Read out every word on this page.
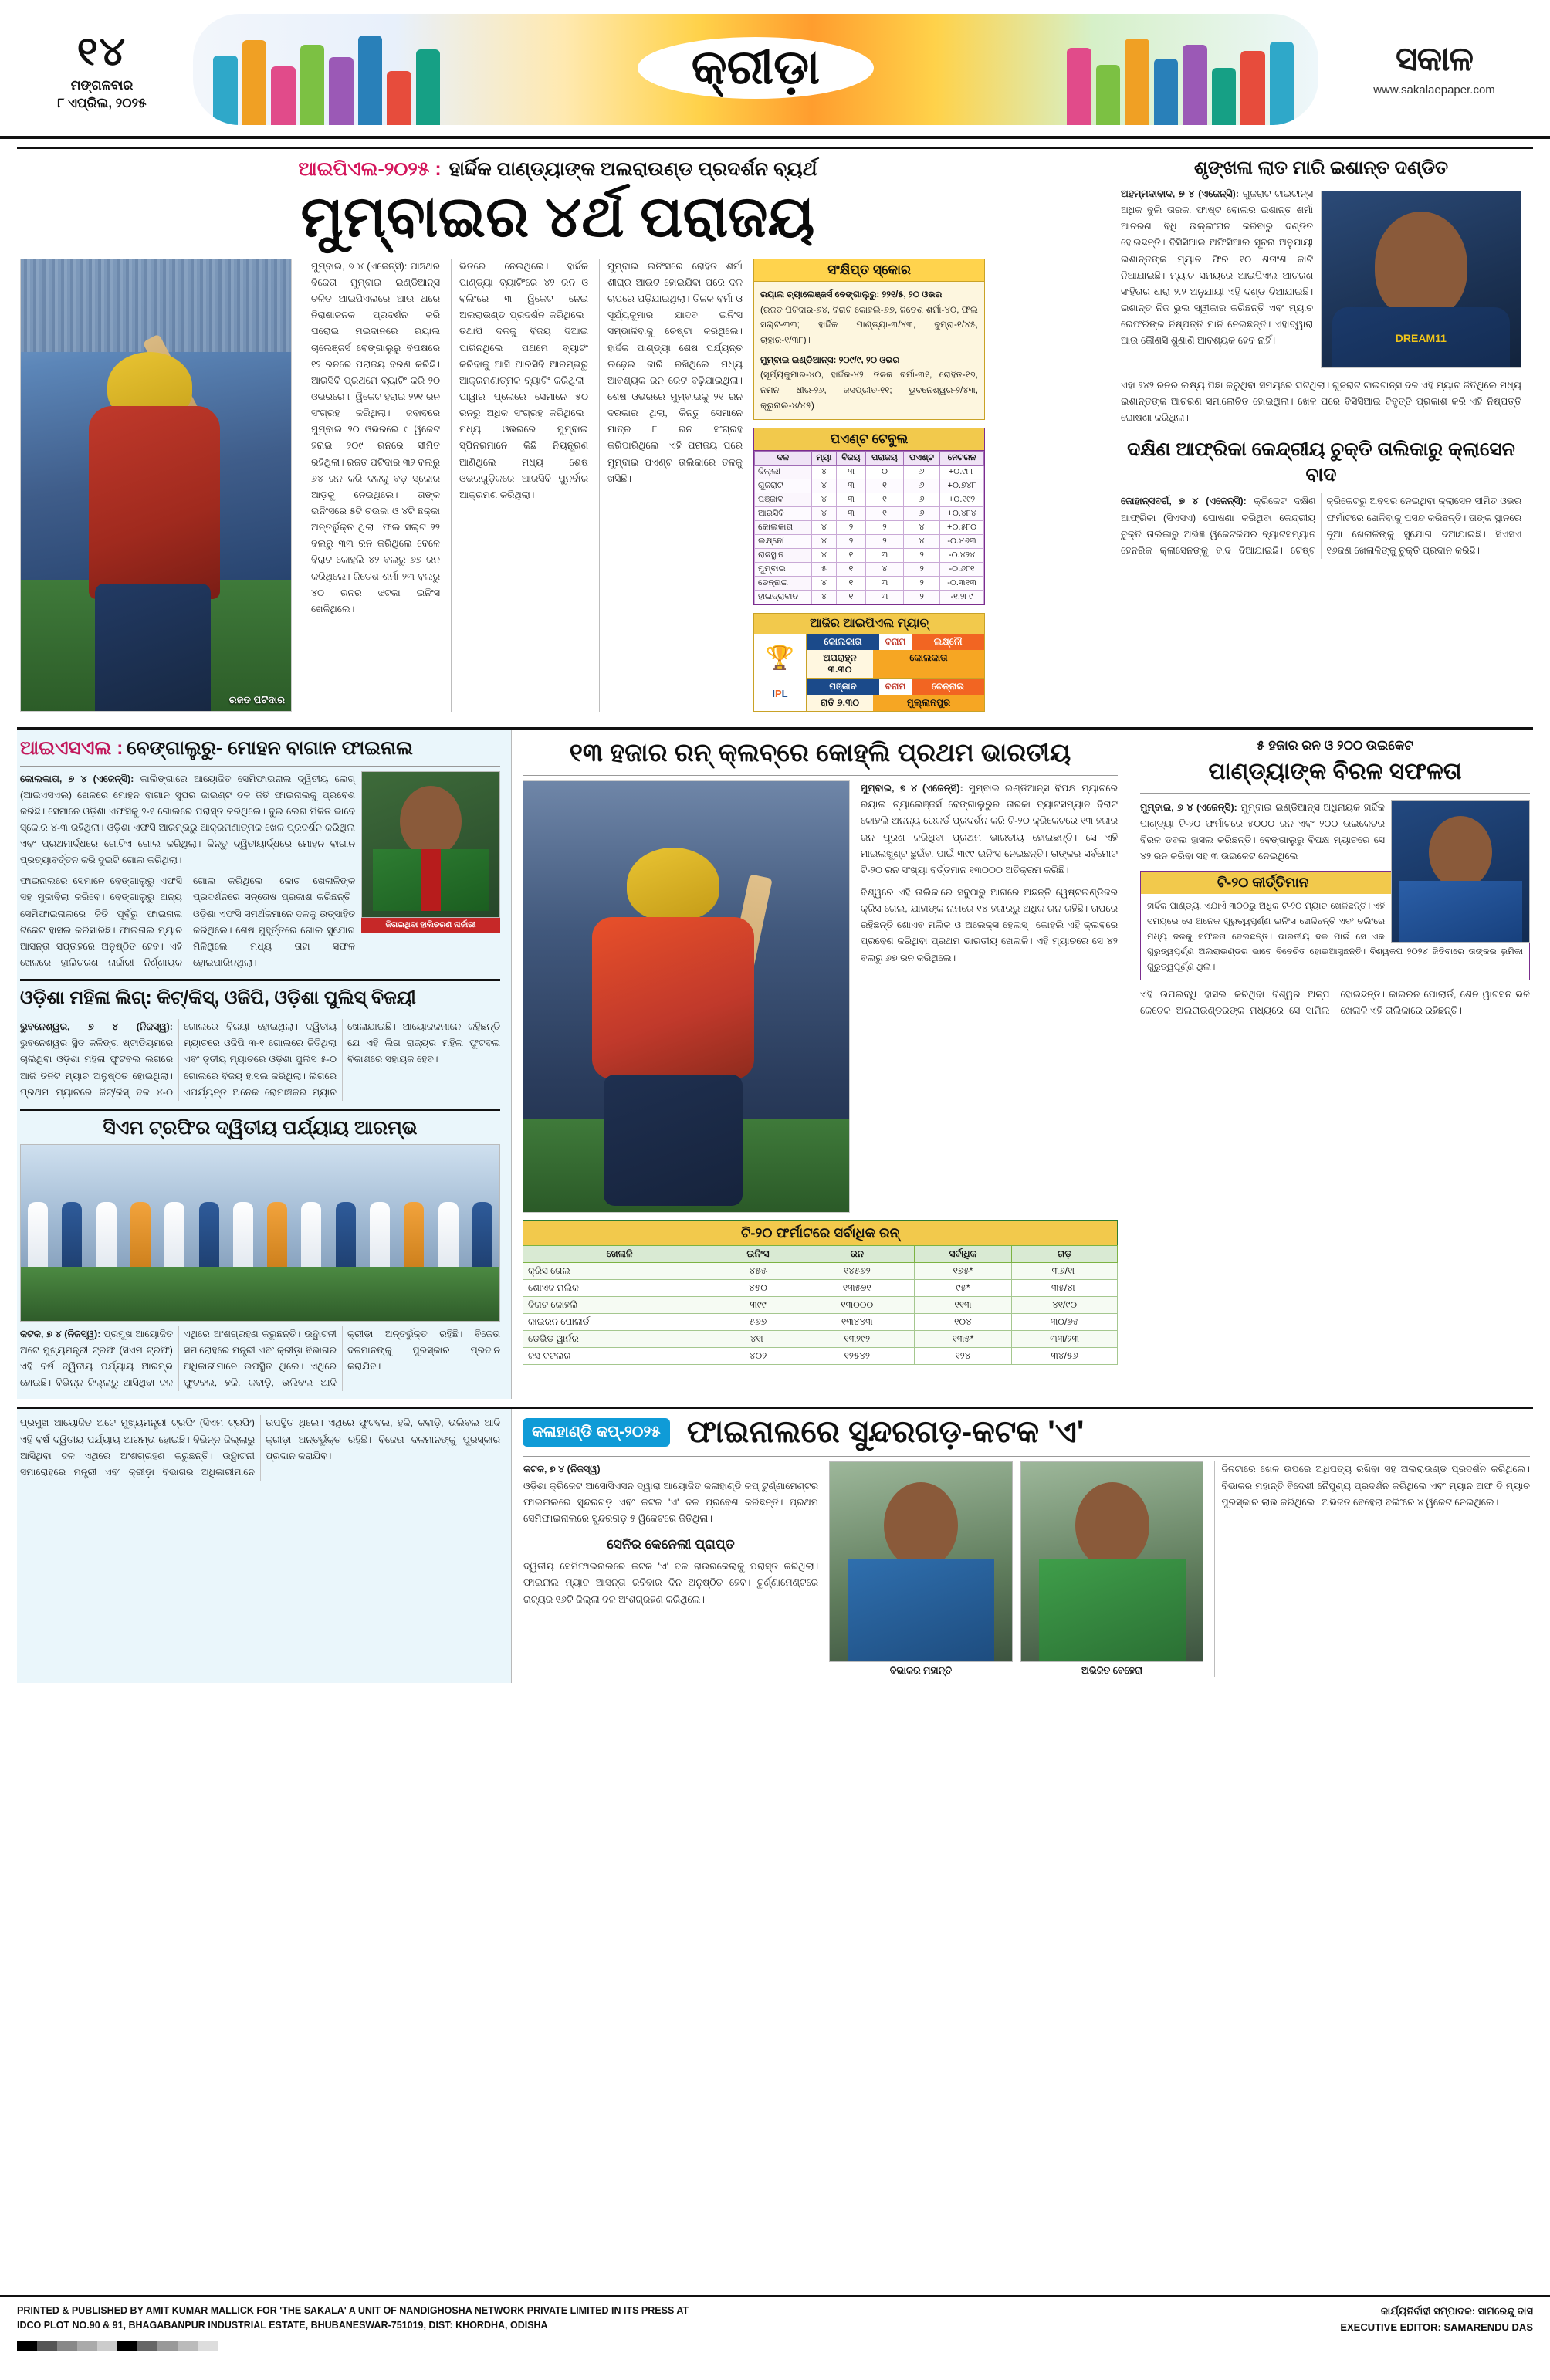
୧୪
ମଙ୍ଗଳବାର
୮ ଏପ୍ରିଲ, ୨୦୨୫
କ୍ରୀଡ଼ା	ସକାଳ
www.sakalaepaper.com
ଆଇପିଏଲ-୨୦୨୫ : ହାର୍ଦ୍ଦିକ ପାଣ୍ଡ୍ୟାଙ୍କ ଅଲରାଉଣ୍ଡ ପ୍ରଦର୍ଶନ ବ୍ୟର୍ଥ
ମୁମ୍ବାଇର ୪ର୍ଥ ପରାଜୟ
ରଜତ ପଟିଦାର
ମୁମ୍ବାଇ, ୭ ୪ (ଏଜେନ୍ସି): ପାଞ୍ଚଥର ବିଜେତା ମୁମ୍ବାଇ ଇଣ୍ଡିଆନ୍ସ ଚଳିତ ଆଇପିଏଲରେ ଆଉ ଥରେ ନିରାଶାଜନକ ପ୍ରଦର୍ଶନ କରି ଘରୋଇ ମଇଦାନରେ ରୟାଲ ଚାଲେଞ୍ଜର୍ସ ବେଙ୍ଗାଲୁରୁ ବିପକ୍ଷରେ ୧୨ ରନରେ ପରାଜୟ ବରଣ କରିଛି। ଆରସିବି ପ୍ରଥମେ ବ୍ୟାଟିଂ କରି ୨୦ ଓଭରରେ ୮ ୱିକେଟ ହରାଇ ୨୨୧ ରନ ସଂଗ୍ରହ କରିଥିଲା। ଜବାବରେ ମୁମ୍ବାଇ ୨୦ ଓଭରରେ ୯ ୱିକେଟ ହରାଇ ୨୦୯ ରନରେ ସୀମିତ ରହିଥିଲା। ରଜତ ପଟିଦାର ୩୨ ବଲରୁ ୬୪ ରନ କରି ଦଳକୁ ବଡ଼ ସ୍କୋର ଆଡ଼କୁ ନେଇଥିଲେ। ତାଙ୍କ ଇନିଂସରେ ୫ଟି ଚଉକା ଓ ୪ଟି ଛକ୍କା ଅନ୍ତର୍ଭୁକ୍ତ ଥିଲା। ଫିଲ ସଲ୍ଟ ୨୨ ବଲରୁ ୩୩ ରନ କରିଥିଲେ ବେଳେ ବିରାଟ କୋହଲି ୪୨ ବଲରୁ ୬୭ ରନ କରିଥିଲେ। ଜିତେଶ ଶର୍ମା ୨୩ ବଲରୁ ୪୦ ରନର ଝଟକା ଇନିଂସ ଖେଳିଥିଲେ।
ଭିତରେ ନେଇଥିଲେ। ହାର୍ଦ୍ଦିକ ପାଣ୍ଡ୍ୟା ବ୍ୟାଟିଂରେ ୪୨ ରନ ଓ ବଲିଂରେ ୩ ୱିକେଟ ନେଇ ଅଲରାଉଣ୍ଡ ପ୍ରଦର୍ଶନ କରିଥିଲେ। ତଥାପି ଦଳକୁ ବିଜୟ ଦିଆଇ ପାରିନଥିଲେ। ପଥମେ ବ୍ୟାଟିଂ କରିବାକୁ ଆସି ଆରସିବି ଆରମ୍ଭରୁ ଆକ୍ରମଣାତ୍ମକ ବ୍ୟାଟିଂ କରିଥିଲା। ପାୱାର ପ୍ଲେରେ ସେମାନେ ୫୦ ରନରୁ ଅଧିକ ସଂଗ୍ରହ କରିଥିଲେ। ମଧ୍ୟ ଓଭରରେ ମୁମ୍ବାଇ ସ୍ପିନରମାନେ କିଛି ନିୟନ୍ତ୍ରଣ ଆଣିଥିଲେ ମଧ୍ୟ ଶେଷ ଓଭରଗୁଡ଼ିକରେ ଆରସିବି ପୁନର୍ବାର ଆକ୍ରମଣ କରିଥିଲା।
ମୁମ୍ବାଇ ଇନିଂସରେ ରୋହିତ ଶର୍ମା ଶୀଘ୍ର ଆଉଟ ହୋଇଯିବା ପରେ ଦଳ ଚାପରେ ପଡ଼ିଯାଇଥିଲା। ତିଳକ ବର୍ମା ଓ ସୂର୍ଯ୍ୟକୁମାର ଯାଦବ ଇନିଂସ ସମ୍ଭାଳିବାକୁ ଚେଷ୍ଟା କରିଥିଲେ। ହାର୍ଦ୍ଦିକ ପାଣ୍ଡ୍ୟା ଶେଷ ପର୍ଯ୍ୟନ୍ତ ଲଢ଼େଇ ଜାରି ରଖିଥିଲେ ମଧ୍ୟ ଆବଶ୍ୟକ ରନ ରେଟ ବଢ଼ିଯାଇଥିଲା। ଶେଷ ଓଭରରେ ମୁମ୍ବାଇକୁ ୨୧ ରନ ଦରକାର ଥିଲା, କିନ୍ତୁ ସେମାନେ ମାତ୍ର ୮ ରନ ସଂଗ୍ରହ କରିପାରିଥିଲେ। ଏହି ପରାଜୟ ପରେ ମୁମ୍ବାଇ ପଏଣ୍ଟ ତାଲିକାରେ ତଳକୁ ଖସିଛି।
ସଂକ୍ଷିପ୍ତ ସ୍କୋର
ରୟାଲ ଚ୍ୟାଲେଞ୍ଜର୍ସ ବେଙ୍ଗାଲୁରୁ: ୨୨୧/୫, ୨୦ ଓଭର
(ରଜତ ପଟିଦାର-୬୪, ବିରାଟ କୋହଲି-୬୭, ଜିତେଶ ଶର୍ମା-୪୦, ଫିଲ ସଲ୍ଟ-୩୩; ହାର୍ଦ୍ଦିକ ପାଣ୍ଡ୍ୟା-୩/୪୩, ବୁମ୍ରା-୧/୪୫, ଚାହାର-୧/୩୮)।
ମୁମ୍ବାଇ ଇଣ୍ଡିଆନ୍ସ: ୨୦୯/୯, ୨୦ ଓଭର
(ସୂର୍ଯ୍ୟକୁମାର-୪୦, ହାର୍ଦ୍ଦିକ-୪୨, ତିଳକ ବର୍ମା-୩୧, ରୋହିତ-୧୭, ନମନ ଧୀର-୨୬, ଜସପ୍ରୀତ-୧୧; ଭୁବନେଶ୍ୱର-୨/୪୩, କ୍ରୁନାଲ-୪/୪୫)।
ପଏଣ୍ଟ ଟେବୁଲ
ଦଳ	ମ୍ୟା	ବିଜୟ	ପରାଜୟ	ପଏଣ୍ଟ	ନେଟରନ
ଦିଲ୍ଲୀ	୪	୩	୦	୬	+୦.୯୮୮
ଗୁଜରାଟ	୪	୩	୧	୬	+୦.୭୪୮
ପଞ୍ଜାବ	୪	୩	୧	୬	+୦.୧୯୨
ଆରସିବି	୪	୩	୧	୬	+୦.୪୮୪
କୋଲକାତା	୪	୨	୨	୪	+୦.୫୮୦
ଲକ୍ଷ୍ନୌ	୪	୨	୨	୪	-୦.୪୬୩
ରାଜସ୍ଥାନ	୪	୧	୩	୨	-୦.୪୨୪
ମୁମ୍ବାଇ	୫	୧	୪	୨	-୦.୬୮୧
ଚେନ୍ନାଇ	୪	୧	୩	୨	-୦.୩୧୩
ହାଇଦ୍ରାବାଦ	୪	୧	୩	୨	-୧.୨୮୯
ଆଜିର ଆଇପିଏଲ ମ୍ୟାଚ୍
🏆
IPL
କୋଲକାତା	ବନାମ	ଲକ୍ଷ୍ନୌ
ଅପରାହ୍ନ ୩.୩୦
କୋଲକାତା
ପଞ୍ଜାବ	ବନାମ	ଚେନ୍ନାଇ
ରାତି ୭.୩୦	ମୁଲ୍ଲାନପୁର
ଶୃଙ୍ଖଳା ଲାତ ମାରି ଇଶାନ୍ତ ଦଣ୍ଡିତ
ଅହମ୍ମଦାବାଦ, ୭ ୪ (ଏଜେନ୍ସି): ଗୁଜରାଟ ଟାଇଟାନ୍ସ ଅଧିକ ବୁଲି ତାରକା ଫାଷ୍ଟ ବୋଲର ଇଶାନ୍ତ ଶର୍ମା ଆଚରଣ ବିଧି ଉଲ୍ଲଂଘନ କରିବାରୁ ଦଣ୍ଡିତ ହୋଇଛନ୍ତି। ବିସିସିଆଇ ଅଫିସିଆଲ ସୂଚନା ଅନୁଯାୟୀ ଇଶାନ୍ତଙ୍କ ମ୍ୟାଚ ଫିର ୧୦ ଶତାଂଶ କାଟି ନିଆଯାଇଛି। ମ୍ୟାଚ ସମୟରେ ଆଇପିଏଲ ଆଚରଣ ସଂହିତାର ଧାରା ୨.୨ ଅନୁଯାୟୀ ଏହି ଦଣ୍ଡ ଦିଆଯାଇଛି। ଇଶାନ୍ତ ନିଜ ଭୁଲ ସ୍ୱୀକାର କରିଛନ୍ତି ଏବଂ ମ୍ୟାଚ ରେଫରିଙ୍କ ନିଷ୍ପତ୍ତି ମାନି ନେଇଛନ୍ତି। ଏହାଦ୍ୱାରା ଆଉ କୌଣସି ଶୁଣାଣି ଆବଶ୍ୟକ ହେବ ନାହିଁ।	DREAM11
ଏହା ୨୪୨ ରନର ଲକ୍ଷ୍ୟ ପିଛା କରୁଥିବା ସମୟରେ ଘଟିଥିଲା। ଗୁଜରାଟ ଟାଇଟାନ୍ସ ଦଳ ଏହି ମ୍ୟାଚ ଜିତିଥିଲେ ମଧ୍ୟ ଇଶାନ୍ତଙ୍କ ଆଚରଣ ସମାଲୋଚିତ ହୋଇଥିଲା। ଖେଳ ପରେ ବିସିସିଆଇ ବିବୃତ୍ତି ପ୍ରକାଶ କରି ଏହି ନିଷ୍ପତ୍ତି ଘୋଷଣା କରିଥିଲା।
ଦକ୍ଷିଣ ଆଫ୍ରିକା କେନ୍ଦ୍ରୀୟ ଚୁକ୍ତି ତାଲିକାରୁ କ୍ଲାସେନ ବାଦ
ଜୋହାନ୍ସବର୍ଗ, ୭ ୪ (ଏଜେନ୍ସି): କ୍ରିକେଟ ଦକ୍ଷିଣ ଆଫ୍ରିକା (ସିଏସଏ) ଘୋଷଣା କରିଥିବା କେନ୍ଦ୍ରୀୟ ଚୁକ୍ତି ତାଲିକାରୁ ଅଭିଜ୍ଞ ୱିକେଟକିପର ବ୍ୟାଟସମ୍ୟାନ ହେନରିକ କ୍ଲାସେନଙ୍କୁ ବାଦ ଦିଆଯାଇଛି। ଟେଷ୍ଟ କ୍ରିକେଟରୁ ଅବସର ନେଇଥିବା କ୍ଲାସେନ ସୀମିତ ଓଭର ଫର୍ମାଟରେ ଖେଳିବାକୁ ପସନ୍ଦ କରିଛନ୍ତି। ତାଙ୍କ ସ୍ଥାନରେ ନୂଆ ଖେଳାଳିଙ୍କୁ ସୁଯୋଗ ଦିଆଯାଇଛି। ସିଏସଏ ୧୬ଜଣ ଖେଳାଳିଙ୍କୁ ଚୁକ୍ତି ପ୍ରଦାନ କରିଛି।
ଆଇଏସଏଲ : ବେଙ୍ଗାଲୁରୁ- ମୋହନ ବାଗାନ ଫାଇନାଲ
ଜିତାଇଥିବା ହାଲିଚରଣ ନାର୍ଜାରୀ
କୋଲକାତା, ୭ ୪ (ଏଜେନ୍ସି): କାଲିଙ୍ଗାରେ ଆୟୋଜିତ ସେମିଫାଇନାଲ ଦ୍ୱିତୀୟ ଲେଗ୍ (ଆଇଏସଏଲ) ଖେଳରେ ମୋହନ ବାଗାନ ସୁପର ଜାଇଣ୍ଟ ଦଳ ଜିତି ଫାଇନାଲକୁ ପ୍ରବେଶ କରିଛି। ସେମାନେ ଓଡ଼ିଶା ଏଫସିକୁ ୨-୧ ଗୋଲରେ ପରାସ୍ତ କରିଥିଲେ। ଦୁଇ ଲେଗ ମିଳିତ ଭାବେ ସ୍କୋର ୪-୩ ରହିଥିଲା। ଓଡ଼ିଶା ଏଫସି ଆରମ୍ଭରୁ ଆକ୍ରମଣାତ୍ମକ ଖେଳ ପ୍ରଦର୍ଶନ କରିଥିଲା ଏବଂ ପ୍ରଥମାର୍ଦ୍ଧରେ ଗୋଟିଏ ଗୋଲ କରିଥିଲା। କିନ୍ତୁ ଦ୍ୱିତୀୟାର୍ଦ୍ଧରେ ମୋହନ ବାଗାନ ପ୍ରତ୍ୟାବର୍ତ୍ତନ କରି ଦୁଇଟି ଗୋଲ କରିଥିଲା।
ଫାଇନାଲରେ ସେମାନେ ବେଙ୍ଗାଲୁରୁ ଏଫସି ସହ ମୁକାବିଲା କରିବେ। ବେଙ୍ଗାଲୁରୁ ଅନ୍ୟ ସେମିଫାଇନାଲରେ ଜିତି ପୂର୍ବରୁ ଫାଇନାଲ ଟିକେଟ ହାସଲ କରିସାରିଛି। ଫାଇନାଲ ମ୍ୟାଚ ଆସନ୍ତା ସପ୍ତାହରେ ଅନୁଷ୍ଠିତ ହେବ। ଏହି ଖେଳରେ ହାଲିଚରଣ ନାର୍ଜାରୀ ନିର୍ଣ୍ଣାୟକ ଗୋଲ କରିଥିଲେ। କୋଚ ଖେଳାଳିଙ୍କ ପ୍ରଦର୍ଶନରେ ସନ୍ତୋଷ ପ୍ରକାଶ କରିଛନ୍ତି। ଓଡ଼ିଶା ଏଫସି ସମର୍ଥକମାନେ ଦଳକୁ ଉତ୍ସାହିତ କରିଥିଲେ। ଶେଷ ମୁହୂର୍ତ୍ତରେ ଗୋଲ ସୁଯୋଗ ମିଳିଥିଲେ ମଧ୍ୟ ତାହା ସଫଳ ହୋଇପାରିନଥିଲା।
ଓଡ଼ିଶା ମହିଳା ଲିଗ୍: କିଟ୍/କିସ୍, ଓଜିପି, ଓଡ଼ିଶା ପୁଲିସ୍ ବିଜୟୀ
ଭୁବନେଶ୍ୱର, ୭ ୪ (ନିଜସ୍ୱ): ଭୁବନେଶ୍ୱର ସ୍ଥିତ କଳିଙ୍ଗ ଷ୍ଟାଡିୟମରେ ଚାଲିଥିବା ଓଡ଼ିଶା ମହିଳା ଫୁଟବଲ ଲିଗରେ ଆଜି ତିନିଟି ମ୍ୟାଚ ଅନୁଷ୍ଠିତ ହୋଇଥିଲା। ପ୍ରଥମ ମ୍ୟାଚରେ କିଟ୍/କିସ୍ ଦଳ ୪-୦ ଗୋଲରେ ବିଜୟୀ ହୋଇଥିଲା। ଦ୍ୱିତୀୟ ମ୍ୟାଚରେ ଓଜିପି ୩-୧ ଗୋଲରେ ଜିତିଥିଲା ଏବଂ ତୃତୀୟ ମ୍ୟାଚରେ ଓଡ଼ିଶା ପୁଲିସ ୫-୦ ଗୋଲରେ ବିଜୟ ହାସଲ କରିଥିଲା। ଲିଗରେ ଏପର୍ଯ୍ୟନ୍ତ ଅନେକ ରୋମାଞ୍ଚକର ମ୍ୟାଚ ଖେଳାଯାଇଛି। ଆୟୋଜକମାନେ କହିଛନ୍ତି ଯେ ଏହି ଲିଗ ରାଜ୍ୟର ମହିଳା ଫୁଟବଲ ବିକାଶରେ ସହାୟକ ହେବ।
ସିଏମ ଟ୍ରଫିର ଦ୍ୱିତୀୟ ପର୍ଯ୍ୟାୟ ଆରମ୍ଭ
କଟକ, ୭ ୪ (ନିଜସ୍ୱ): ପ୍ରମୁଖ ଆୟୋଜିତ ଅଟେ ମୁଖ୍ୟମନ୍ତ୍ରୀ ଟ୍ରଫି (ସିଏମ ଟ୍ରଫି) ଏହି ବର୍ଷ ଦ୍ୱିତୀୟ ପର୍ଯ୍ୟାୟ ଆରମ୍ଭ ହୋଇଛି। ବିଭିନ୍ନ ଜିଲ୍ଲାରୁ ଆସିଥିବା ଦଳ ଏଥିରେ ଅଂଶଗ୍ରହଣ କରୁଛନ୍ତି। ଉଦ୍ଘାଟନୀ ସମାରୋହରେ ମନ୍ତ୍ରୀ ଏବଂ କ୍ରୀଡ଼ା ବିଭାଗର ଅଧିକାରୀମାନେ ଉପସ୍ଥିତ ଥିଲେ। ଏଥିରେ ଫୁଟବଲ, ହକି, କବାଡ଼ି, ଭଲିବଲ ଆଦି କ୍ରୀଡ଼ା ଅନ୍ତର୍ଭୁକ୍ତ ରହିଛି। ବିଜେତା ଦଳମାନଙ୍କୁ ପୁରସ୍କାର ପ୍ରଦାନ କରାଯିବ।
୧୩ ହଜାର ରନ୍ କ୍ଲବ୍‌ରେ କୋହ୍‌ଲି ପ୍ରଥମ ଭାରତୀୟ
ମୁମ୍ବାଇ, ୭ ୪ (ଏଜେନ୍ସି): ମୁମ୍ବାଇ ଇଣ୍ଡିଆନ୍ସ ବିପକ୍ଷ ମ୍ୟାଚରେ ରୟାଲ ଚ୍ୟାଲେଞ୍ଜର୍ସ ବେଙ୍ଗାଲୁରୁର ତାରକା ବ୍ୟାଟସମ୍ୟାନ ବିରାଟ କୋହଲି ଅନନ୍ୟ ରେକର୍ଡ ପ୍ରଦର୍ଶନ କରି ଟି-୨୦ କ୍ରିକେଟରେ ୧୩ ହଜାର ରନ ପୂରଣ କରିଥିବା ପ୍ରଥମ ଭାରତୀୟ ହୋଇଛନ୍ତି। ସେ ଏହି ମାଇଲଖୁଣ୍ଟ ଛୁଇଁବା ପାଇଁ ୩୯୯ ଇନିଂସ ନେଇଛନ୍ତି। ତାଙ୍କର ସର୍ବମୋଟ ଟି-୨୦ ରନ ସଂଖ୍ୟା ବର୍ତ୍ତମାନ ୧୩୦୦୦ ଅତିକ୍ରମ କରିଛି।
ବିଶ୍ୱରେ ଏହି ତାଲିକାରେ ସବୁଠାରୁ ଆଗରେ ଅଛନ୍ତି ୱେଷ୍ଟଇଣ୍ଡିଜର କ୍ରିସ ଗେଲ, ଯାହାଙ୍କ ନାମରେ ୧୪ ହଜାରରୁ ଅଧିକ ରନ ରହିଛି। ତାପରେ ରହିଛନ୍ତି ଶୋଏବ ମଲିକ ଓ ଅଲେକ୍ସ ହେଲସ୍। କୋହଲି ଏହି କ୍ଲବରେ ପ୍ରବେଶ କରିଥିବା ପ୍ରଥମ ଭାରତୀୟ ଖେଳାଳି। ଏହି ମ୍ୟାଚରେ ସେ ୪୨ ବଲରୁ ୬୭ ରନ କରିଥିଲେ।
ଟି-୨୦ ଫର୍ମାଟରେ ସର୍ବାଧିକ ରନ୍
ଖେଳାଳି	ଇନିଂସ	ରନ	ସର୍ବାଧିକ	ଗଡ଼
କ୍ରିସ ଗେଲ	୪୫୫	୧୪୫୬୨	୧୭୫*	୩୬/୧୮
ଶୋଏବ ମଲିକ	୪୫୦	୧୩୫୭୧	୯୫*	୩୫/୪୮
ବିରାଟ କୋହଲି	୩୯୯	୧୩୦୦୦	୧୧୩	୪୧/୯୦
କାଇରନ ପୋଲାର୍ଡ	୫୬୭	୧୩୪୪୩	୧୦୪	୩୦/୬୫
ଡେଭିଡ ୱାର୍ନର	୪୧୮	୧୩୨୯୨	୧୩୫*	୩୩/୨୩
ଜସ ବଟଲର	୪୦୨	୧୨୫୪୨	୧୨୪	୩୪/୫୬
୫ ହଜାର ରନ ଓ ୨୦୦ ଉଇକେଟ
ପାଣ୍ଡ୍ୟାଙ୍କ ବିରଳ ସଫଳତା
ମୁମ୍ବାଇ, ୭ ୪ (ଏଜେନ୍ସି): ମୁମ୍ବାଇ ଇଣ୍ଡିଆନ୍ସ ଅଧିନାୟକ ହାର୍ଦ୍ଦିକ ପାଣ୍ଡ୍ୟା ଟି-୨୦ ଫର୍ମାଟରେ ୫୦୦୦ ରନ ଏବଂ ୨୦୦ ଉଇକେଟର ବିରଳ ଡବଲ ହାସଲ କରିଛନ୍ତି। ବେଙ୍ଗାଲୁରୁ ବିପକ୍ଷ ମ୍ୟାଚରେ ସେ ୪୨ ରନ କରିବା ସହ ୩ ଉଇକେଟ ନେଇଥିଲେ।
ଟି-୨୦ କୀର୍ତ୍ତିମାନ
ହାର୍ଦ୍ଦିକ ପାଣ୍ଡ୍ୟା ଏଯାଏଁ ୩୦୦ରୁ ଅଧିକ ଟି-୨୦ ମ୍ୟାଚ ଖେଳିଛନ୍ତି। ଏହି ସମୟରେ ସେ ଅନେକ ଗୁରୁତ୍ୱପୂର୍ଣ୍ଣ ଇନିଂସ ଖେଳିଛନ୍ତି ଏବଂ ବଲିଂରେ ମଧ୍ୟ ଦଳକୁ ସଫଳତା ଦେଇଛନ୍ତି। ଭାରତୀୟ ଦଳ ପାଇଁ ସେ ଏକ ଗୁରୁତ୍ୱପୂର୍ଣ୍ଣ ଅଲରାଉଣ୍ଡର ଭାବେ ବିବେଚିତ ହୋଇଆସୁଛନ୍ତି। ବିଶ୍ୱକପ ୨୦୨୪ ଜିତିବାରେ ତାଙ୍କର ଭୂମିକା ଗୁରୁତ୍ୱପୂର୍ଣ୍ଣ ଥିଲା।
ଏହି ଉପଲବ୍ଧି ହାସଲ କରିଥିବା ବିଶ୍ୱର ଅଳ୍ପ କେତେକ ଅଲରାଉଣ୍ଡରଙ୍କ ମଧ୍ୟରେ ସେ ସାମିଲ ହୋଇଛନ୍ତି। କାଇରନ ପୋଲାର୍ଡ, ଶେନ ୱାଟସନ ଭଳି ଖେଳାଳି ଏହି ତାଲିକାରେ ରହିଛନ୍ତି।
ପ୍ରମୁଖ ଆୟୋଜିତ ଅଟେ ମୁଖ୍ୟମନ୍ତ୍ରୀ ଟ୍ରଫି (ସିଏମ ଟ୍ରଫି) ଏହି ବର୍ଷ ଦ୍ୱିତୀୟ ପର୍ଯ୍ୟାୟ ଆରମ୍ଭ ହୋଇଛି। ବିଭିନ୍ନ ଜିଲ୍ଲାରୁ ଆସିଥିବା ଦଳ ଏଥିରେ ଅଂଶଗ୍ରହଣ କରୁଛନ୍ତି। ଉଦ୍ଘାଟନୀ ସମାରୋହରେ ମନ୍ତ୍ରୀ ଏବଂ କ୍ରୀଡ଼ା ବିଭାଗର ଅଧିକାରୀମାନେ ଉପସ୍ଥିତ ଥିଲେ। ଏଥିରେ ଫୁଟବଲ, ହକି, କବାଡ଼ି, ଭଲିବଲ ଆଦି କ୍ରୀଡ଼ା ଅନ୍ତର୍ଭୁକ୍ତ ରହିଛି। ବିଜେତା ଦଳମାନଙ୍କୁ ପୁରସ୍କାର ପ୍ରଦାନ କରାଯିବ।
କଳାହାଣ୍ଡି କପ୍-୨୦୨୫ ଫାଇନାଲରେ ସୁନ୍ଦରଗଡ଼-କଟକ 'ଏ'
କଟକ, ୭ ୪ (ନିଜସ୍ୱ)
ଓଡ଼ିଶା କ୍ରିକେଟ ଆସୋସିଏସନ ଦ୍ୱାରା ଆୟୋଜିତ କଳାହାଣ୍ଡି କପ୍ ଟୁର୍ଣ୍ଣାମେଣ୍ଟର ଫାଇନାଲରେ ସୁନ୍ଦରଗଡ଼ ଏବଂ କଟକ 'ଏ' ଦଳ ପ୍ରବେଶ କରିଛନ୍ତି। ପ୍ରଥମ ସେମିଫାଇନାଲରେ ସୁନ୍ଦରଗଡ଼ ୫ ୱିକେଟରେ ଜିତିଥିଲା।
ସେନିର କେନେଲୀ ପ୍ରାପ୍ତ
ଦ୍ୱିତୀୟ ସେମିଫାଇନାଲରେ କଟକ 'ଏ' ଦଳ ରାଉରକେଲାକୁ ପରାସ୍ତ କରିଥିଲା। ଫାଇନାଲ ମ୍ୟାଚ ଆସନ୍ତା ରବିବାର ଦିନ ଅନୁଷ୍ଠିତ ହେବ। ଟୁର୍ଣ୍ଣାମେଣ୍ଟରେ ରାଜ୍ୟର ୧୬ଟି ଜିଲ୍ଲା ଦଳ ଅଂଶଗ୍ରହଣ କରିଥିଲେ।
ବିଭାକର ମହାନ୍ତି	ଅଭିଜିତ ବେହେରା
ଦିନଟାରେ ଖେଳ ଉପରେ ଅଧିପତ୍ୟ ରଖିବା ସହ ଅଲରାଉଣ୍ଡ ପ୍ରଦର୍ଶନ କରିଥିଲେ। ବିଭାକର ମହାନ୍ତି ବିଦେଶୀ ନୈପୁଣ୍ୟ ପ୍ରଦର୍ଶନ କରିଥିଲେ ଏବଂ ମ୍ୟାନ ଅଫ ଦି ମ୍ୟାଚ ପୁରସ୍କାର ଲାଭ କରିଥିଲେ। ଅଭିଜିତ ବେହେରା ବଲିଂରେ ୪ ୱିକେଟ ନେଇଥିଲେ।
PRINTED & PUBLISHED BY AMIT KUMAR MALLICK FOR 'THE SAKALA' A UNIT OF NANDIGHOSHA NETWORK PRIVATE LIMITED IN ITS PRESS AT
IDCO PLOT NO.90 & 91, BHAGABANPUR INDUSTRIAL ESTATE, BHUBANESWAR-751019, DIST: KHORDHA, ODISHA
କାର୍ଯ୍ୟନିର୍ବାହୀ ସମ୍ପାଦକ: ସାମରେନ୍ଦୁ ଦାସ
EXECUTIVE EDITOR: SAMARENDU DAS
